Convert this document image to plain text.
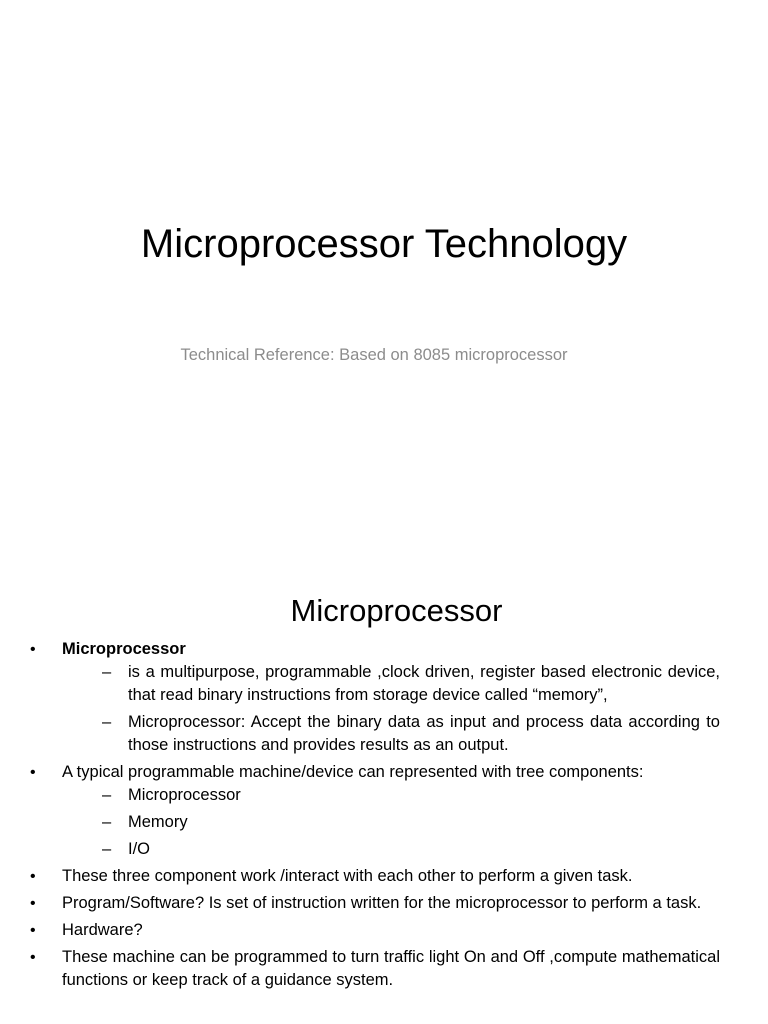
Microprocessor Technology
Technical Reference: Based on 8085 microprocessor
Microprocessor
•	Microprocessor
–	is a multipurpose, programmable ,clock driven, register based electronic device, that read binary instructions from storage device called “memory”,
–	Microprocessor: Accept the binary data as input and process data according to those instructions and provides results as an output.
•	A typical programmable machine/device can represented with tree components:
–	Microprocessor
–	Memory
–	I/O
•	These three component work /interact with each other to perform a given task.
•	Program/Software? Is set of instruction written for the microprocessor to perform a task.
•	Hardware?
•	These machine can be programmed to turn traffic light On and Off ,compute mathematical functions or keep track of a guidance system.
